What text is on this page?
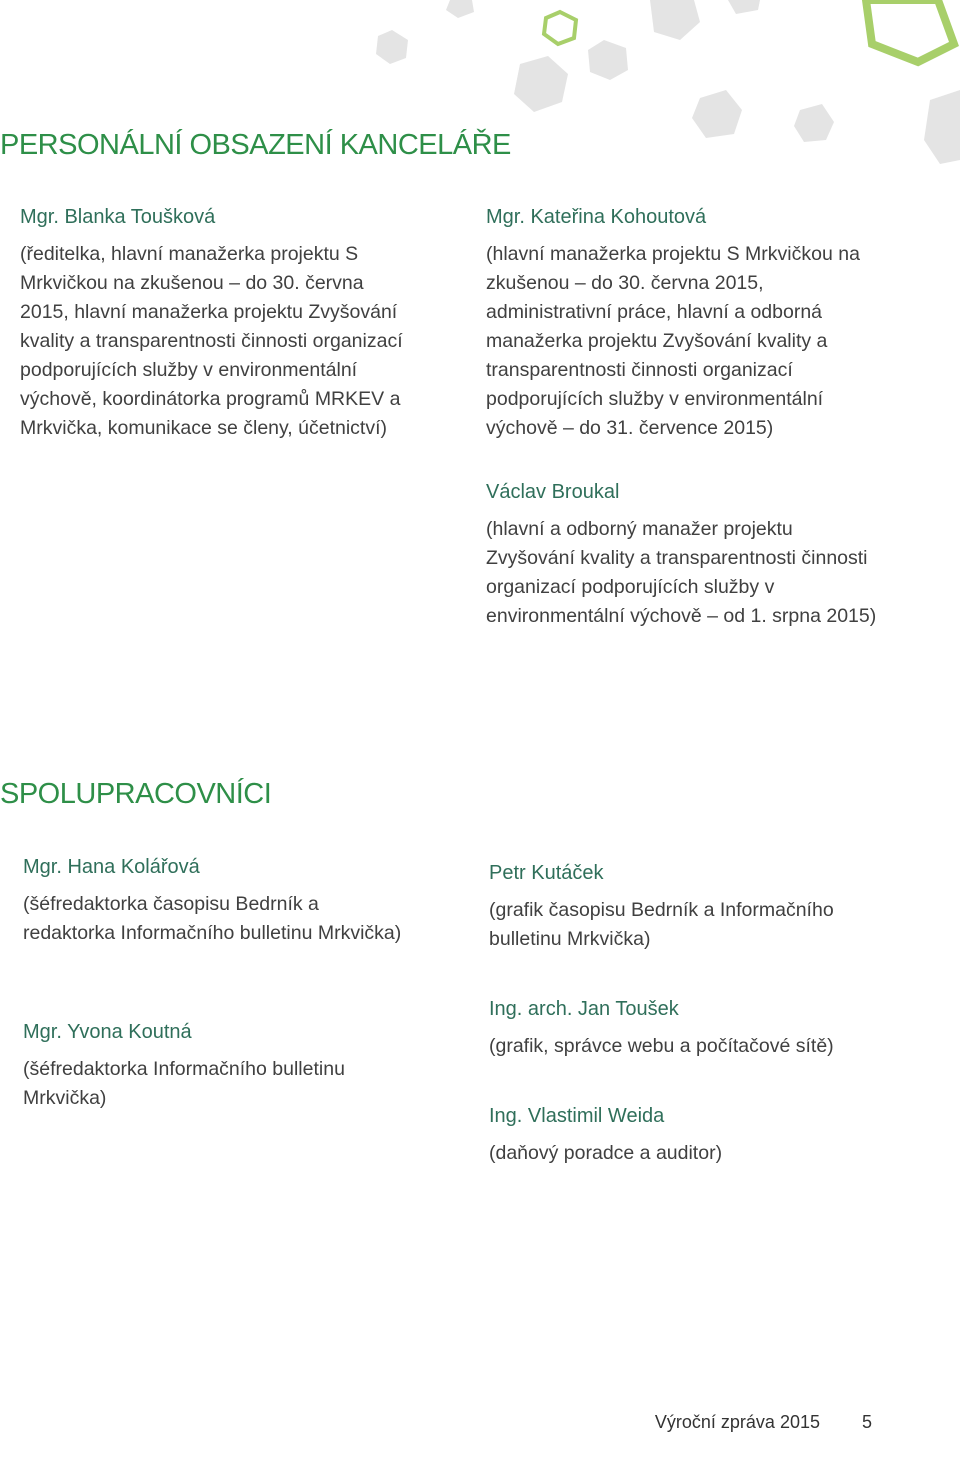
PERSONÁLNÍ OBSAZENÍ KANCELÁŘE

Mgr. Blanka Toušková

(ředitelka, hlavní manažerka projektu S Mrkvičkou na zkušenou – do 30. června 2015, hlavní manažerka projektu Zvyšování kvality a transparentnosti činnosti organizací podporujících služby v environmentální výchově, koordinátorka programů MRKEV a Mrkvička, komunikace se členy, účetnictví)

Mgr. Kateřina Kohoutová

(hlavní manažerka projektu S Mrkvičkou na zkušenou – do 30. června 2015, administrativní práce, hlavní a odborná manažerka projektu Zvyšování kvality a transparentnosti činnosti organizací podporujících služby v environmentální výchově – do 31. července 2015)

Václav Broukal

(hlavní a odborný manažer projektu Zvyšování kvality a transparentnosti činnosti organizací podporujících služby v environmentální výchově – od 1. srpna 2015)

SPOLUPRACOVNÍCI

Mgr. Hana Kolářová

(šéfredaktorka časopisu Bedrník a redaktorka Informačního bulletinu Mrkvička)

Mgr. Yvona Koutná

(šéfredaktorka Informačního bulletinu Mrkvička)

Petr Kutáček

(grafik časopisu Bedrník a Informačního bulletinu Mrkvička)

Ing. arch. Jan Toušek

(grafik, správce webu a počítačové sítě)

Ing. Vlastimil Weida

(daňový poradce a auditor)

Výroční zpráva 2015 5
